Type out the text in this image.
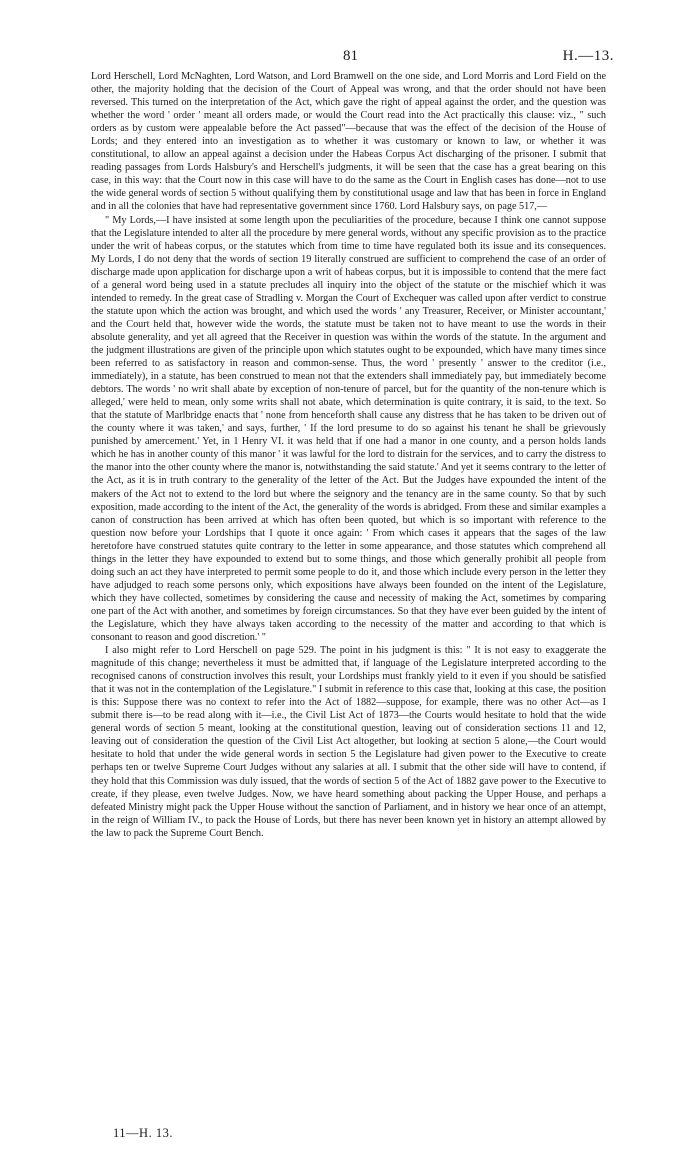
81	H.—13.

Lord Herschell, Lord McNaghten, Lord Watson, and Lord Bramwell on the one side, and Lord Morris and Lord Field on the other, the majority holding that the decision of the Court of Appeal was wrong, and that the order should not have been reversed. This turned on the interpretation of the Act, which gave the right of appeal against the order, and the question was whether the word ' order ' meant all orders made, or would the Court read into the Act practically this clause: viz., " such orders as by custom were appealable before the Act passed"—because that was the effect of the decision of the House of Lords; and they entered into an investigation as to whether it was customary or known to law, or whether it was constitutional, to allow an appeal against a decision under the Habeas Corpus Act discharging of the prisoner. I submit that reading passages from Lords Halsbury's and Herschell's judgments, it will be seen that the case has a great bearing on this case, in this way: that the Court now in this case will have to do the same as the Court in English cases has done—not to use the wide general words of section 5 without qualifying them by constitutional usage and law that has been in force in England and in all the colonies that have had representative government since 1760. Lord Halsbury says, on page 517,—

" My Lords,—I have insisted at some length upon the peculiarities of the procedure, because I think one cannot suppose that the Legislature intended to alter all the procedure by mere general words, without any specific provision as to the practice under the writ of habeas corpus, or the statutes which from time to time have regulated both its issue and its consequences. My Lords, I do not deny that the words of section 19 literally construed are sufficient to comprehend the case of an order of discharge made upon application for discharge upon a writ of habeas corpus, but it is impossible to contend that the mere fact of a general word being used in a statute precludes all inquiry into the object of the statute or the mischief which it was intended to remedy. In the great case of Stradling v. Morgan the Court of Exchequer was called upon after verdict to construe the statute upon which the action was brought, and which used the words ' any Treasurer, Receiver, or Minister accountant,' and the Court held that, however wide the words, the statute must be taken not to have meant to use the words in their absolute generality, and yet all agreed that the Receiver in question was within the words of the statute. In the argument and the judgment illustrations are given of the principle upon which statutes ought to be expounded, which have many times since been referred to as satisfactory in reason and common-sense. Thus, the word ' presently ' answer to the creditor (i.e., immediately), in a statute, has been construed to mean not that the extenders shall immediately pay, but immediately become debtors. The words ' no writ shall abate by exception of non-tenure of parcel, but for the quantity of the non-tenure which is alleged,' were held to mean, only some writs shall not abate, which determination is quite contrary, it is said, to the text. So that the statute of Marlbridge enacts that ' none from henceforth shall cause any distress that he has taken to be driven out of the county where it was taken,' and says, further, ' If the lord presume to do so against his tenant he shall be grievously punished by amercement.' Yet, in 1 Henry VI. it was held that if one had a manor in one county, and a person holds lands which he has in another county of this manor ' it was lawful for the lord to distrain for the services, and to carry the distress to the manor into the other county where the manor is, notwithstanding the said statute.' And yet it seems contrary to the letter of the Act, as it is in truth contrary to the generality of the letter of the Act. But the Judges have expounded the intent of the makers of the Act not to extend to the lord but where the seignory and the tenancy are in the same county. So that by such exposition, made according to the intent of the Act, the generality of the words is abridged. From these and similar examples a canon of construction has been arrived at which has often been quoted, but which is so important with reference to the question now before your Lordships that I quote it once again: ' From which cases it appears that the sages of the law heretofore have construed statutes quite contrary to the letter in some appearance, and those statutes which comprehend all things in the letter they have expounded to extend but to some things, and those which generally prohibit all people from doing such an act they have interpreted to permit some people to do it, and those which include every person in the letter they have adjudged to reach some persons only, which expositions have always been founded on the intent of the Legislature, which they have collected, sometimes by considering the cause and necessity of making the Act, sometimes by comparing one part of the Act with another, and sometimes by foreign circumstances. So that they have ever been guided by the intent of the Legislature, which they have always taken according to the necessity of the matter and according to that which is consonant to reason and good discretion.' "

I also might refer to Lord Herschell on page 529. The point in his judgment is this: " It is not easy to exaggerate the magnitude of this change; nevertheless it must be admitted that, if language of the Legislature interpreted according to the recognised canons of construction involves this result, your Lordships must frankly yield to it even if you should be satisfied that it was not in the contemplation of the Legislature." I submit in reference to this case that, looking at this case, the position is this: Suppose there was no context to refer into the Act of 1882—suppose, for example, there was no other Act—as I submit there is—to be read along with it—i.e., the Civil List Act of 1873—the Courts would hesitate to hold that the wide general words of section 5 meant, looking at the constitutional question, leaving out of consideration sections 11 and 12, leaving out of consideration the question of the Civil List Act altogether, but looking at section 5 alone,—the Court would hesitate to hold that under the wide general words in section 5 the Legislature had given power to the Executive to create perhaps ten or twelve Supreme Court Judges without any salaries at all. I submit that the other side will have to contend, if they hold that this Commission was duly issued, that the words of section 5 of the Act of 1882 gave power to the Executive to create, if they please, even twelve Judges. Now, we have heard something about packing the Upper House, and perhaps a defeated Ministry might pack the Upper House without the sanction of Parliament, and in history we hear once of an attempt, in the reign of William IV., to pack the House of Lords, but there has never been known yet in history an attempt allowed by the law to pack the Supreme Court Bench.

11—H. 13.
